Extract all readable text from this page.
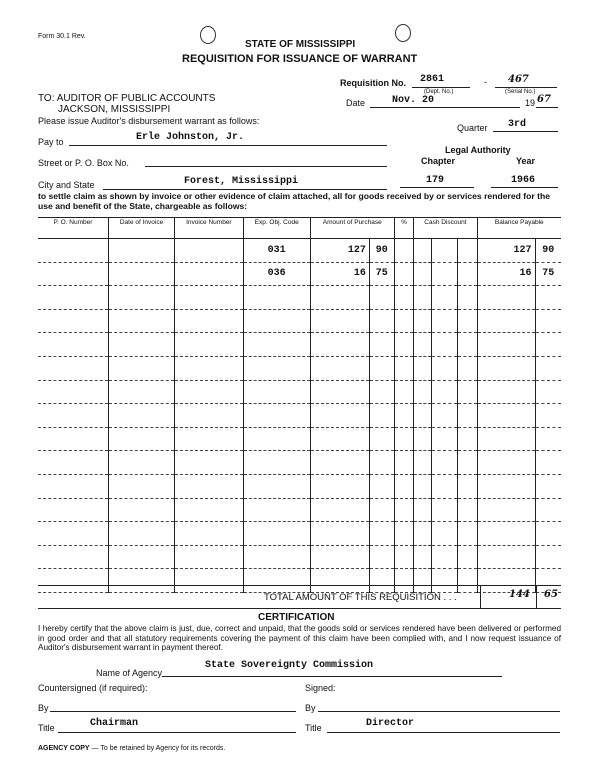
Form 30.1 Rev.
STATE OF MISSISSIPPI
REQUISITION FOR ISSUANCE OF WARRANT
Requisition No. 2861	- 467
(Dept. No.)	(Serial No.)
TO: AUDITOR OF PUBLIC ACCOUNTS
JACKSON, MISSISSIPPI
Please issue Auditor's disbursement warrant as follows:
Date	Nov. 20	19 67
Quarter 3rd
Pay to	Erle Johnston, Jr.
Legal Authority
Chapter	Year
Street or P. O. Box No.
City and State	Forest, Mississippi	179	1966
to settle claim as shown by invoice or other evidence of claim attached, all for goods received by or services rendered for the use and benefit of the State, chargeable as follows:
P. O. Number	Date of Invoice	Invoice Number	Exp. Obj. Code	Amount of Purchase		%	Cash Discount			Balance Payable	
			031	127	90					127	90
			036	16	75					16	75

TOTAL AMOUNT OF THIS REQUISITION . . .	144 65
CERTIFICATION
I hereby certify that the above claim is just, due, correct and unpaid, that the goods sold or services rendered have been delivered or performed in good order and that all statutory requirements covering the payment of this claim have been complied with, and I now request issuance of Auditor's disbursement warrant in payment thereof.
Name of Agency
State Sovereignty Commission
Countersigned (if required):	Signed:
By	By
Title	Chairman	Title	Director
AGENCY COPY — To be retained by Agency for its records.
